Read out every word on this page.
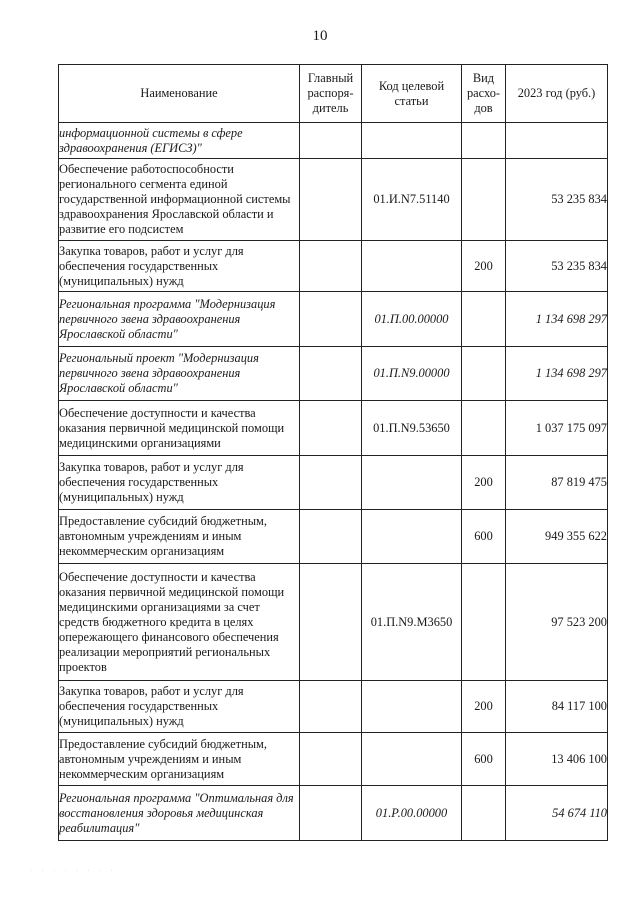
10
Наименование	Главный распоря-дитель	Код целевой статьи	Вид расхо-дов	2023 год (руб.)
информационной системы в сфере здравоохранения (ЕГИСЗ)"				
Обеспечение работоспособности регионального сегмента единой государственной информационной системы здравоохранения Ярославской области и развитие его подсистем		01.И.N7.51140		53 235 834
Закупка товаров, работ и услуг для обеспечения государственных (муниципальных) нужд			200	53 235 834
Региональная программа "Модернизация первичного звена здравоохранения Ярославской области"		01.П.00.00000		1 134 698 297
Региональный проект "Модернизация первичного звена здравоохранения Ярославской области"		01.П.N9.00000		1 134 698 297
Обеспечение доступности и качества оказания первичной медицинской помощи медицинскими организациями		01.П.N9.53650		1 037 175 097
Закупка товаров, работ и услуг для обеспечения государственных (муниципальных) нужд			200	87 819 475
Предоставление субсидий бюджетным, автономным учреждениям и иным некоммерческим организациям			600	949 355 622
Обеспечение доступности и качества оказания первичной медицинской помощи медицинскими организациями за счет средств бюджетного кредита в целях опережающего финансового обеспечения реализации мероприятий региональных проектов		01.П.N9.М3650		97 523 200
Закупка товаров, работ и услуг для обеспечения государственных (муниципальных) нужд			200	84 117 100
Предоставление субсидий бюджетным, автономным учреждениям и иным некоммерческим организациям			600	13 406 100
Региональная программа "Оптимальная для восстановления здоровья медицинская реабилитация"		01.Р.00.00000		54 674 110
· · · · · · · ·
